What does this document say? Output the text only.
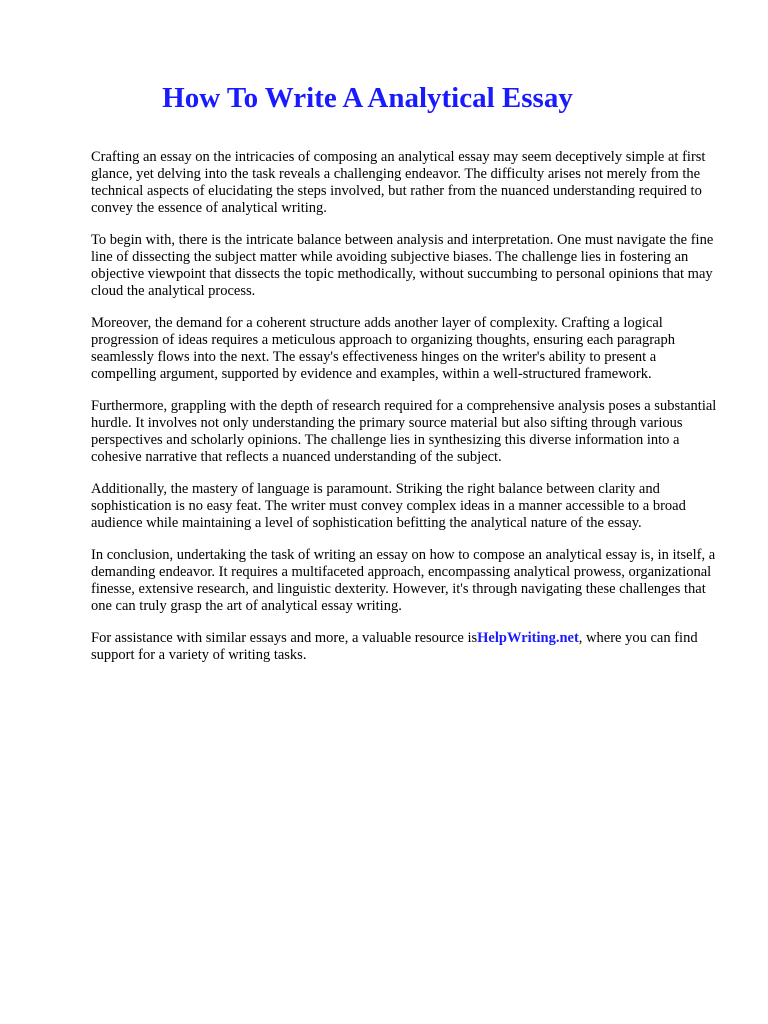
How To Write A Analytical Essay

Crafting an essay on the intricacies of composing an analytical essay may seem deceptively simple at first glance, yet delving into the task reveals a challenging endeavor. The difficulty arises not merely from the technical aspects of elucidating the steps involved, but rather from the nuanced understanding required to convey the essence of analytical writing.

To begin with, there is the intricate balance between analysis and interpretation. One must navigate the fine line of dissecting the subject matter while avoiding subjective biases. The challenge lies in fostering an objective viewpoint that dissects the topic methodically, without succumbing to personal opinions that may cloud the analytical process.

Moreover, the demand for a coherent structure adds another layer of complexity. Crafting a logical progression of ideas requires a meticulous approach to organizing thoughts, ensuring each paragraph seamlessly flows into the next. The essay's effectiveness hinges on the writer's ability to present a compelling argument, supported by evidence and examples, within a well-structured framework.

Furthermore, grappling with the depth of research required for a comprehensive analysis poses a substantial hurdle. It involves not only understanding the primary source material but also sifting through various perspectives and scholarly opinions. The challenge lies in synthesizing this diverse information into a cohesive narrative that reflects a nuanced understanding of the subject.

Additionally, the mastery of language is paramount. Striking the right balance between clarity and sophistication is no easy feat. The writer must convey complex ideas in a manner accessible to a broad audience while maintaining a level of sophistication befitting the analytical nature of the essay.

In conclusion, undertaking the task of writing an essay on how to compose an analytical essay is, in itself, a demanding endeavor. It requires a multifaceted approach, encompassing analytical prowess, organizational finesse, extensive research, and linguistic dexterity. However, it's through navigating these challenges that one can truly grasp the art of analytical essay writing.

For assistance with similar essays and more, a valuable resource isHelpWriting.net, where you can find support for a variety of writing tasks.
